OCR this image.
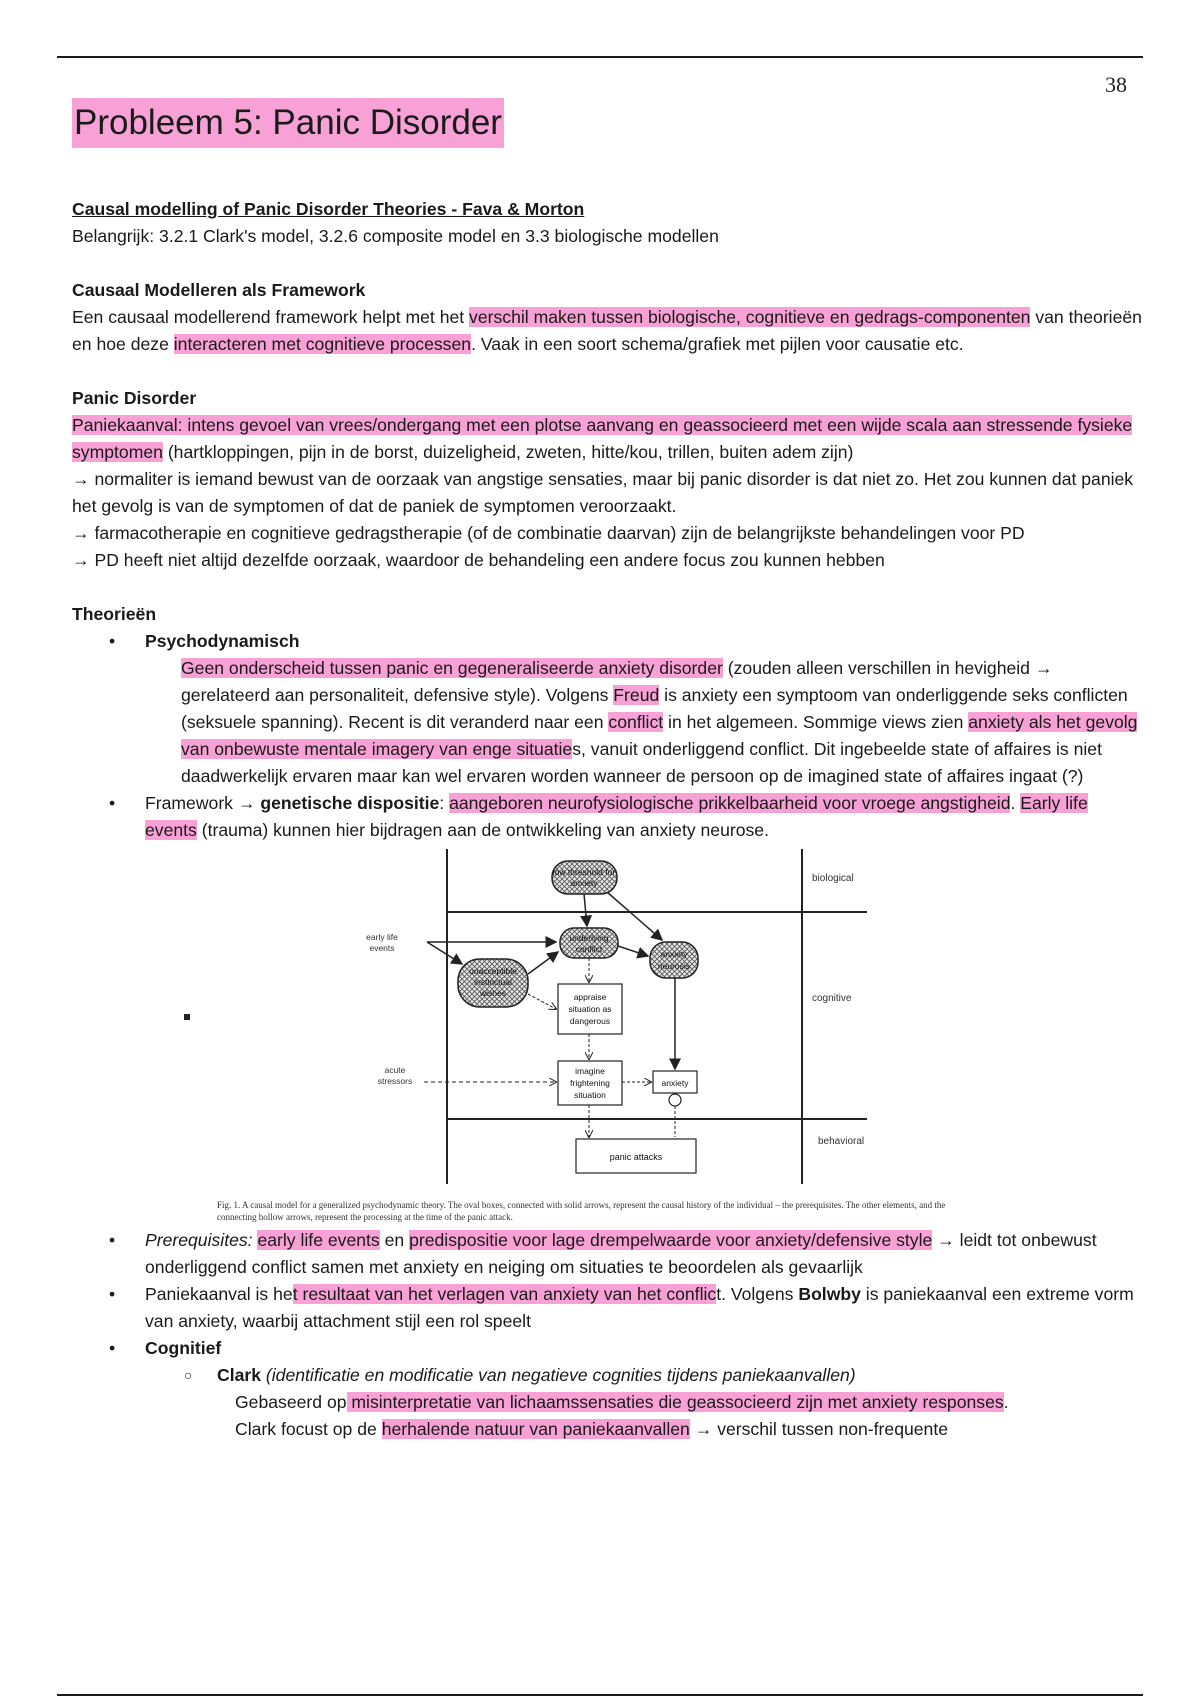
38
Probleem 5: Panic Disorder

Causal modelling of Panic Disorder Theories - Fava & Morton

Belangrijk: 3.2.1 Clark's model, 3.2.6 composite model en 3.3 biologische modellen

Causaal Modelleren als Framework

Een causaal modellerend framework helpt met het verschil maken tussen biologische, cognitieve en gedrags-componenten van theorieën en hoe deze interacteren met cognitieve processen. Vaak in een soort schema/grafiek met pijlen voor causatie etc.

Panic Disorder

Paniekaanval: intens gevoel van vrees/ondergang met een plotse aanvang en geassocieerd met een wijde scala aan stressende fysieke symptomen (hartkloppingen, pijn in de borst, duizeligheid, zweten, hitte/kou, trillen, buiten adem zijn)

→ normaliter is iemand bewust van de oorzaak van angstige sensaties, maar bij panic disorder is dat niet zo. Het zou kunnen dat paniek het gevolg is van de symptomen of dat de paniek de symptomen veroorzaakt.

→ farmacotherapie en cognitieve gedragstherapie (of de combinatie daarvan) zijn de belangrijkste behandelingen voor PD

→ PD heeft niet altijd dezelfde oorzaak, waardoor de behandeling een andere focus zou kunnen hebben

Theorieën

• Psychodynamisch

Geen onderscheid tussen panic en gegeneraliseerde anxiety disorder (zouden alleen verschillen in hevigheid → gerelateerd aan personaliteit, defensive style). Volgens Freud is anxiety een symptoom van onderliggende seks conflicten (seksuele spanning). Recent is dit veranderd naar een conflict in het algemeen. Sommige views zien anxiety als het gevolg van onbewuste mentale imagery van enge situaties, vanuit onderliggend conflict. Dit ingebeelde state of affaires is niet daadwerkelijk ervaren maar kan wel ervaren worden wanneer de persoon op de imagined state of affaires ingaat (?)

• Framework → genetische dispositie: aangeboren neurofysiologische prikkelbaarheid voor vroege angstigheid. Early life events (trauma) kunnen hier bijdragen aan de ontwikkeling van anxiety neurose.

biological
cognitive
behavioral
low threshold for
anxiety
underlying
conflict	anxiety
neurosis
unacceptible
instinctual
wishes	appraise
situation as
dangerous
imagine
frightening
situation
anxiety
panic attacks
early life
events
acute
stressors
Fig. 1. A causal model for a generalized psychodynamic theory. The oval boxes, connected with solid arrows, represent the causal history of the individual – the prerequisites. The other elements, and the connecting hollow arrows, represent the processing at the time of the panic attack.
• Prerequisites: early life events en predispositie voor lage drempelwaarde voor anxiety/defensive style → leidt tot onbewust onderliggend conflict samen met anxiety en neiging om situaties te beoordelen als gevaarlijk

• Paniekaanval is het resultaat van het verlagen van anxiety van het conflict. Volgens Bolwby is paniekaanval een extreme vorm van anxiety, waarbij attachment stijl een rol speelt

• Cognitief

○ Clark (identificatie en modificatie van negatieve cognities tijdens paniekaanvallen)

Gebaseerd op misinterpretatie van lichaamssensaties die geassocieerd zijn met anxiety responses.

Clark focust op de herhalende natuur van paniekaanvallen → verschil tussen non-frequente
